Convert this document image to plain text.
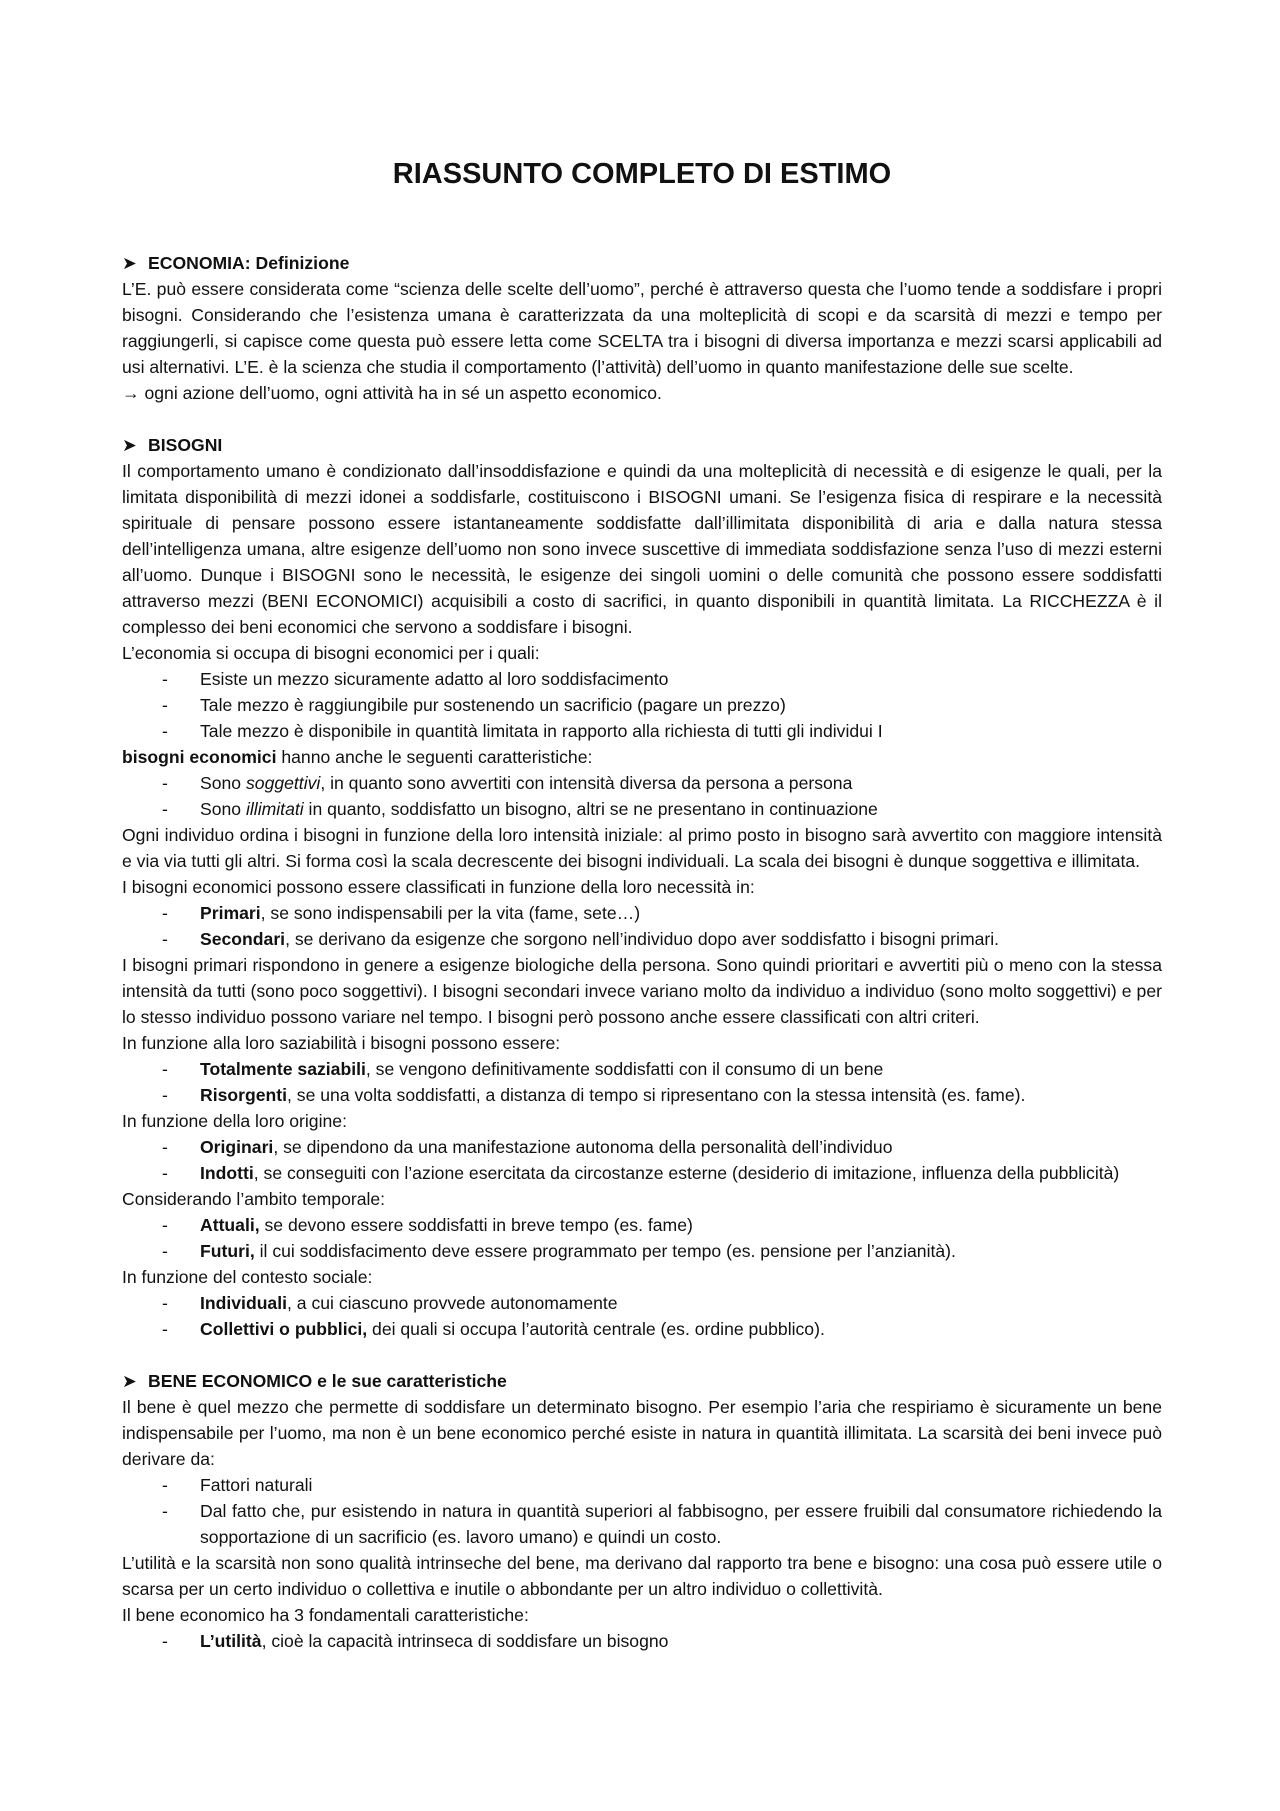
RIASSUNTO COMPLETO DI ESTIMO
➤ ECONOMIA: Definizione

L’E. può essere considerata come “scienza delle scelte dell’uomo”, perché è attraverso questa che l’uomo tende a soddisfare i propri bisogni. Considerando che l’esistenza umana è caratterizzata da una molteplicità di scopi e da scarsità di mezzi e tempo per raggiungerli, si capisce come questa può essere letta come SCELTA tra i bisogni di diversa importanza e mezzi scarsi applicabili ad usi alternativi. L’E. è la scienza che studia il comportamento (l’attività) dell’uomo in quanto manifestazione delle sue scelte.

→ ogni azione dell’uomo, ogni attività ha in sé un aspetto economico.

➤ BISOGNI

Il comportamento umano è condizionato dall’insoddisfazione e quindi da una molteplicità di necessità e di esigenze le quali, per la limitata disponibilità di mezzi idonei a soddisfarle, costituiscono i BISOGNI umani. Se l’esigenza fisica di respirare e la necessità spirituale di pensare possono essere istantaneamente soddisfatte dall’illimitata disponibilità di aria e dalla natura stessa dell’intelligenza umana, altre esigenze dell’uomo non sono invece suscettive di immediata soddisfazione senza l’uso di mezzi esterni all’uomo. Dunque i BISOGNI sono le necessità, le esigenze dei singoli uomini o delle comunità che possono essere soddisfatti attraverso mezzi (BENI ECONOMICI) acquisibili a costo di sacrifici, in quanto disponibili in quantità limitata. La RICCHEZZA è il complesso dei beni economici che servono a soddisfare i bisogni.

L’economia si occupa di bisogni economici per i quali:

- Esiste un mezzo sicuramente adatto al loro soddisfacimento
- Tale mezzo è raggiungibile pur sostenendo un sacrificio (pagare un prezzo)
- Tale mezzo è disponibile in quantità limitata in rapporto alla richiesta di tutti gli individui I

bisogni economici hanno anche le seguenti caratteristiche:

- Sono soggettivi, in quanto sono avvertiti con intensità diversa da persona a persona
- Sono illimitati in quanto, soddisfatto un bisogno, altri se ne presentano in continuazione

Ogni individuo ordina i bisogni in funzione della loro intensità iniziale: al primo posto in bisogno sarà avvertito con maggiore intensità e via via tutti gli altri. Si forma così la scala decrescente dei bisogni individuali. La scala dei bisogni è dunque soggettiva e illimitata.

I bisogni economici possono essere classificati in funzione della loro necessità in:

- Primari, se sono indispensabili per la vita (fame, sete…)
- Secondari, se derivano da esigenze che sorgono nell’individuo dopo aver soddisfatto i bisogni primari.

I bisogni primari rispondono in genere a esigenze biologiche della persona. Sono quindi prioritari e avvertiti più o meno con la stessa intensità da tutti (sono poco soggettivi). I bisogni secondari invece variano molto da individuo a individuo (sono molto soggettivi) e per lo stesso individuo possono variare nel tempo. I bisogni però possono anche essere classificati con altri criteri.

In funzione alla loro saziabilità i bisogni possono essere:

- Totalmente saziabili, se vengono definitivamente soddisfatti con il consumo di un bene
- Risorgenti, se una volta soddisfatti, a distanza di tempo si ripresentano con la stessa intensità (es. fame).

In funzione della loro origine:

- Originari, se dipendono da una manifestazione autonoma della personalità dell’individuo
- Indotti, se conseguiti con l’azione esercitata da circostanze esterne (desiderio di imitazione, influenza della pubblicità)

Considerando l’ambito temporale:

- Attuali, se devono essere soddisfatti in breve tempo (es. fame)
- Futuri, il cui soddisfacimento deve essere programmato per tempo (es. pensione per l’anzianità).

In funzione del contesto sociale:

- Individuali, a cui ciascuno provvede autonomamente
- Collettivi o pubblici, dei quali si occupa l’autorità centrale (es. ordine pubblico).
➤ BENE ECONOMICO e le sue caratteristiche

Il bene è quel mezzo che permette di soddisfare un determinato bisogno. Per esempio l’aria che respiriamo è sicuramente un bene indispensabile per l’uomo, ma non è un bene economico perché esiste in natura in quantità illimitata. La scarsità dei beni invece può derivare da:

- Fattori naturali
- Dal fatto che, pur esistendo in natura in quantità superiori al fabbisogno, per essere fruibili dal consumatore richiedendo la sopportazione di un sacrificio (es. lavoro umano) e quindi un costo.

L’utilità e la scarsità non sono qualità intrinseche del bene, ma derivano dal rapporto tra bene e bisogno: una cosa può essere utile o scarsa per un certo individuo o collettiva e inutile o abbondante per un altro individuo o collettività.

Il bene economico ha 3 fondamentali caratteristiche:

- L’utilità, cioè la capacità intrinseca di soddisfare un bisogno
